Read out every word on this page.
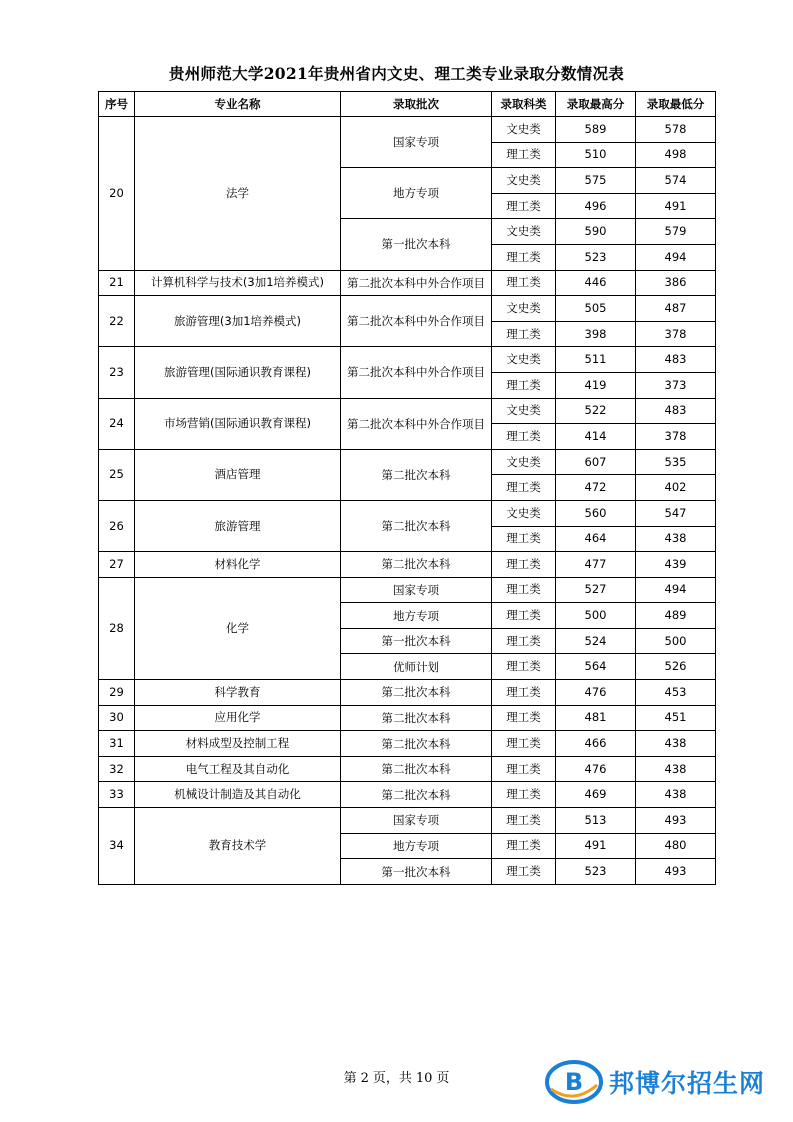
贵州师范大学2021年贵州省内文史、理工类专业录取分数情况表
序号	专业名称	录取批次	录取科类	录取最高分	录取最低分
20	法学	国家专项	文史类	589	578
			理工类	510	498
		地方专项	文史类	575	574
			理工类	496	491
		第一批次本科	文史类	590	579
			理工类	523	494
21	计算机科学与技术(3加1培养模式)	第二批次本科中外合作项目	理工类	446	386
22	旅游管理(3加1培养模式)	第二批次本科中外合作项目	文史类	505	487
			理工类	398	378
23	旅游管理(国际通识教育课程)	第二批次本科中外合作项目	文史类	511	483
			理工类	419	373
24	市场营销(国际通识教育课程)	第二批次本科中外合作项目	文史类	522	483
			理工类	414	378
25	酒店管理	第二批次本科	文史类	607	535
			理工类	472	402
26	旅游管理	第二批次本科	文史类	560	547
			理工类	464	438
27	材料化学	第二批次本科	理工类	477	439
28	化学	国家专项	理工类	527	494
		地方专项	理工类	500	489
		第一批次本科	理工类	524	500
		优师计划	理工类	564	526
29	科学教育	第二批次本科	理工类	476	453
30	应用化学	第二批次本科	理工类	481	451
31	材料成型及控制工程	第二批次本科	理工类	466	438
32	电气工程及其自动化	第二批次本科	理工类	476	438
33	机械设计制造及其自动化	第二批次本科	理工类	469	438
34	教育技术学	国家专项	理工类	513	493
		地方专项	理工类	491	480
		第一批次本科	理工类	523	493
第 2 页，共 10 页	B 邦博尔招生网
